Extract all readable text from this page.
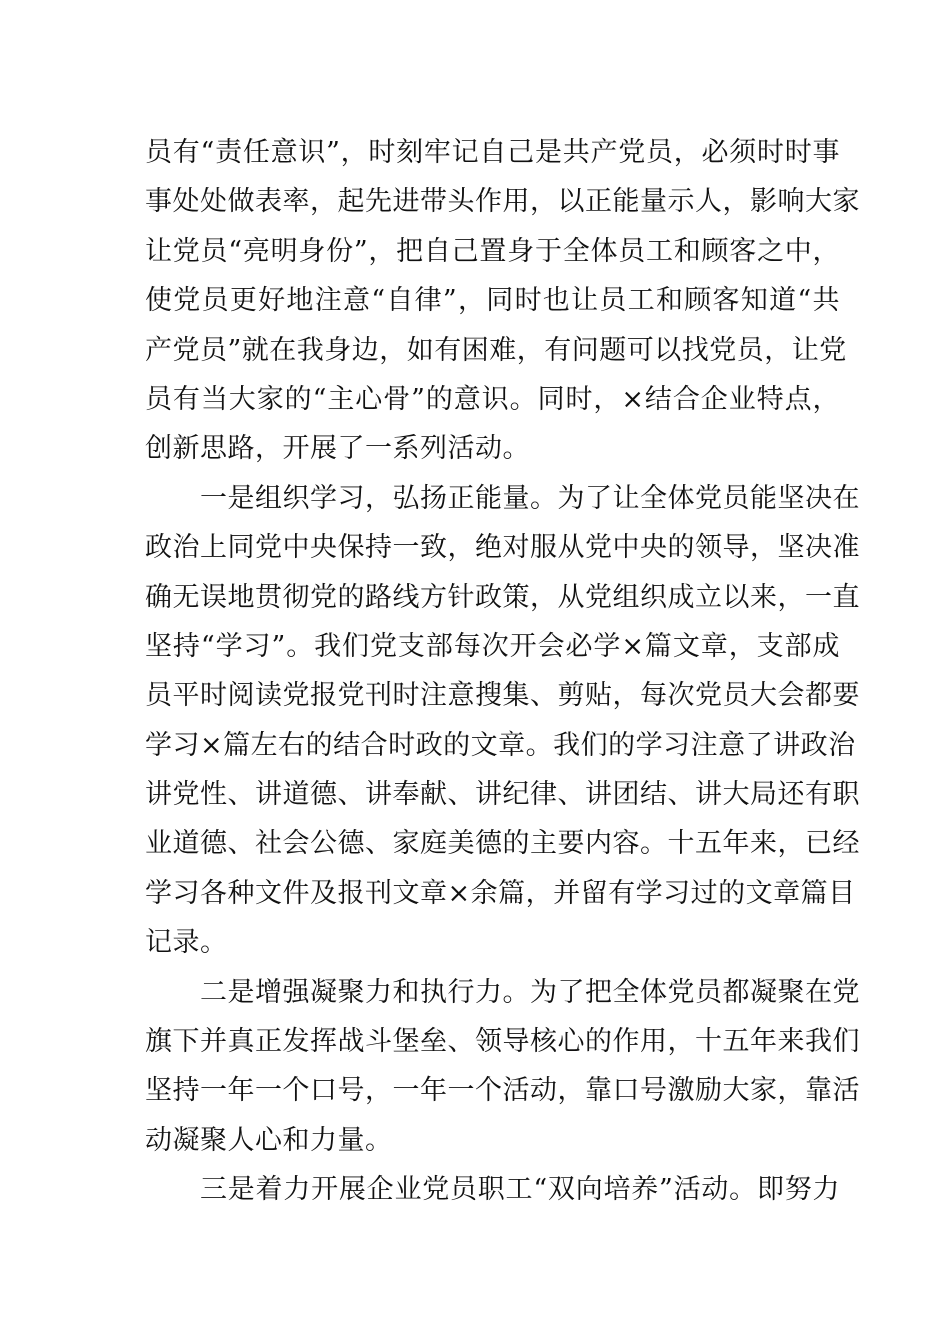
员有“责任意识”，时刻牢记自己是共产党员，必须时时事
事处处做表率，起先进带头作用，以正能量示人，影响大家
让党员“亮明身份”，把自己置身于全体员工和顾客之中，
使党员更好地注意“自律”，同时也让员工和顾客知道“共
产党员”就在我身边，如有困难，有问题可以找党员，让党
员有当大家的“主心骨”的意识。同时，×结合企业特点，
创新思路，开展了一系列活动。
一是组织学习，弘扬正能量。为了让全体党员能坚决在
政治上同党中央保持一致，绝对服从党中央的领导，坚决准
确无误地贯彻党的路线方针政策，从党组织成立以来，一直
坚持“学习”。我们党支部每次开会必学×篇文章，支部成
员平时阅读党报党刊时注意搜集、剪贴，每次党员大会都要
学习×篇左右的结合时政的文章。我们的学习注意了讲政治
讲党性、讲道德、讲奉献、讲纪律、讲团结、讲大局还有职
业道德、社会公德、家庭美德的主要内容。十五年来，已经
学习各种文件及报刊文章×余篇，并留有学习过的文章篇目
记录。
二是增强凝聚力和执行力。为了把全体党员都凝聚在党
旗下并真正发挥战斗堡垒、领导核心的作用，十五年来我们
坚持一年一个口号，一年一个活动，靠口号激励大家，靠活
动凝聚人心和力量。
三是着力开展企业党员职工“双向培养”活动。即努力
